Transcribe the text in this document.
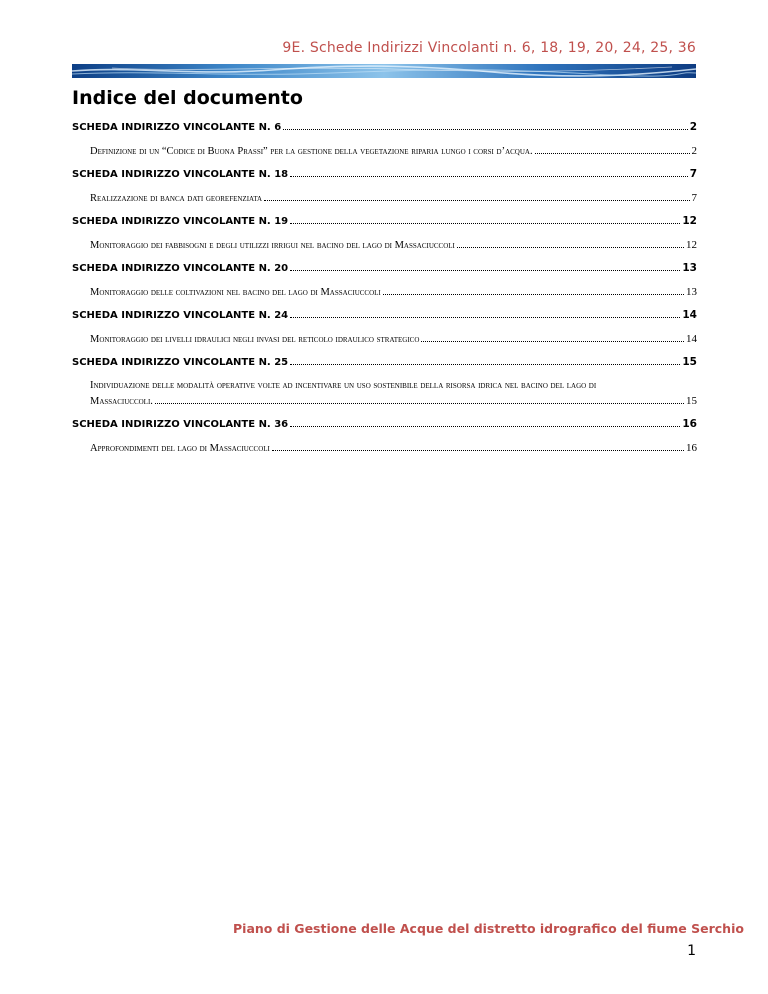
9E. Schede Indirizzi Vincolanti n. 6, 18, 19, 20, 24, 25, 36
Indice del documento
SCHEDA INDIRIZZO VINCOLANTE N. 6	2
Definizione di un “Codice di Buona Prassi” per la gestione della vegetazione riparia lungo i corsi d’acqua.	2
SCHEDA INDIRIZZO VINCOLANTE N. 18	7
Realizzazione di banca dati georefenziata	7
SCHEDA INDIRIZZO VINCOLANTE N. 19	12
Monitoraggio dei fabbisogni e degli utilizzi irrigui nel bacino del lago di Massaciuccoli	12
SCHEDA INDIRIZZO VINCOLANTE N. 20	13
Monitoraggio delle coltivazioni nel bacino del lago di Massaciuccoli	13
SCHEDA INDIRIZZO VINCOLANTE N. 24	14
Monitoraggio dei livelli idraulici negli invasi del reticolo idraulico strategico	14
SCHEDA INDIRIZZO VINCOLANTE N. 25	15
Individuazione delle modalità operative volte ad incentivare un uso sostenibile della risorsa idrica nel bacino del lago di
Massaciuccoli.	15
SCHEDA INDIRIZZO VINCOLANTE N. 36	16
Approfondimenti del lago di Massaciuccoli	16
Piano di Gestione delle Acque del distretto idrografico del fiume Serchio
1
